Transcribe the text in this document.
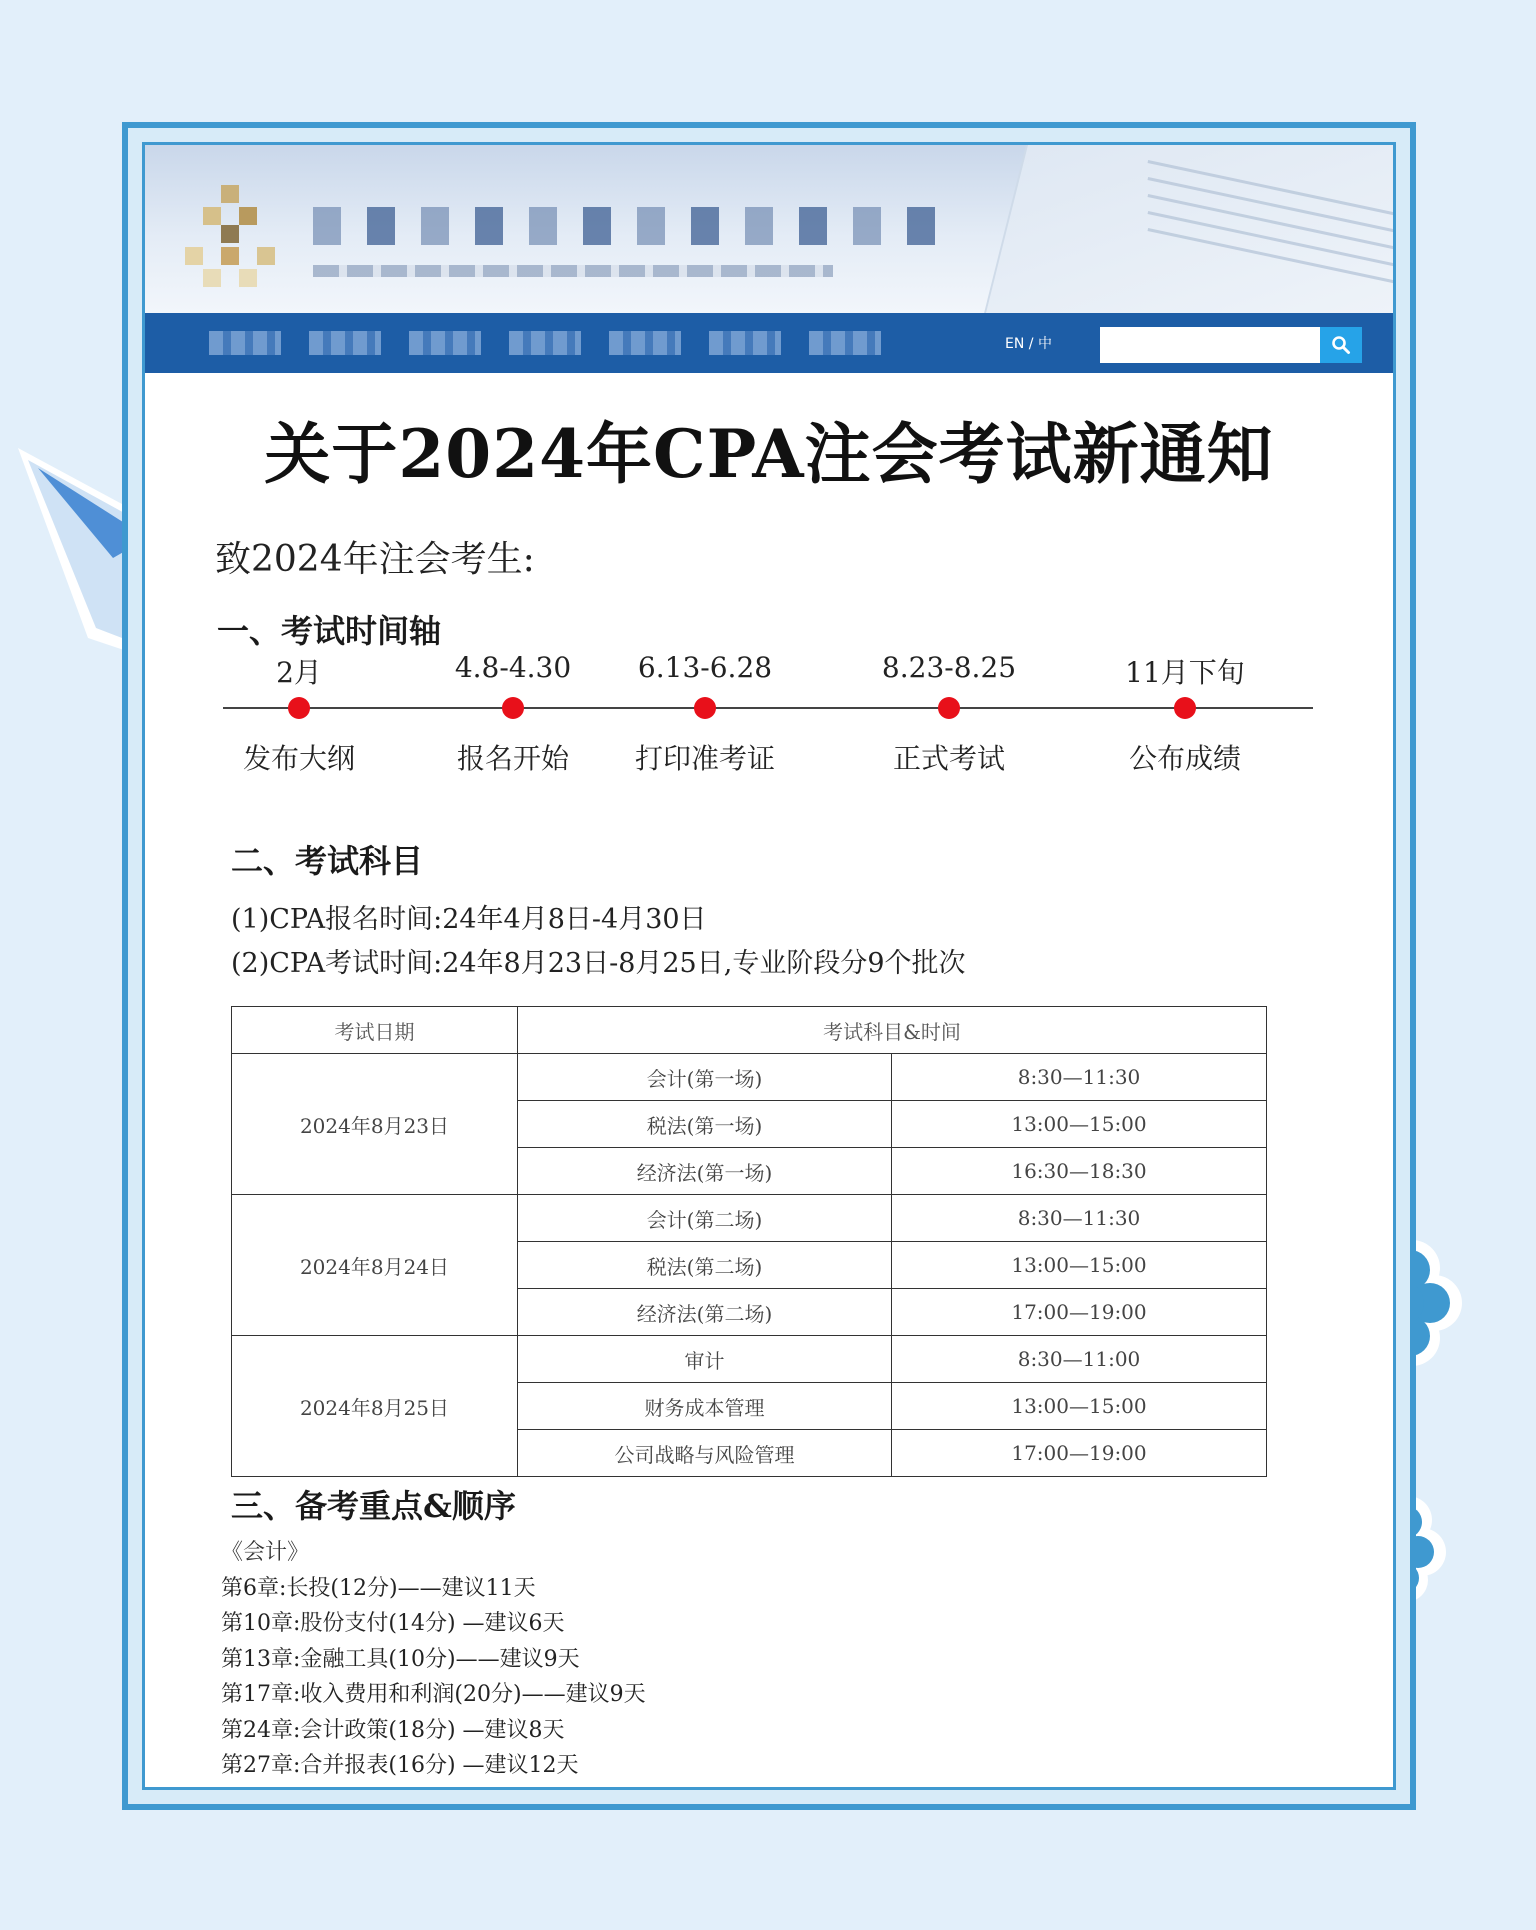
EN / 中
关于2024年CPA注会考试新通知
致2024年注会考生:
一、考试时间轴
2月
发布大纲
4.8-4.30
报名开始
6.13-6.28
打印准考证
8.23-8.25
正式考试
11月下旬
公布成绩
二、考试科目
(1)CPA报名时间:24年4月8日-4月30日
(2)CPA考试时间:24年8月23日-8月25日,专业阶段分9个批次
考试日期	考试科目&时间	
2024年8月23日	会计(第一场)	8:30—11:30
	税法(第一场)	13:00—15:00
	经济法(第一场)	16:30—18:30
2024年8月24日	会计(第二场)	8:30—11:30
	税法(第二场)	13:00—15:00
	经济法(第二场)	17:00—19:00
2024年8月25日	审计	8:30—11:00
	财务成本管理	13:00—15:00
	公司战略与风险管理	17:00—19:00
三、备考重点&顺序
《会计》
第6章:长投(12分)——建议11天
第10章:股份支付(14分) —建议6天
第13章:金融工具(10分)——建议9天
第17章:收入费用和利润(20分)——建议9天
第24章:会计政策(18分) —建议8天
第27章:合并报表(16分) —建议12天
